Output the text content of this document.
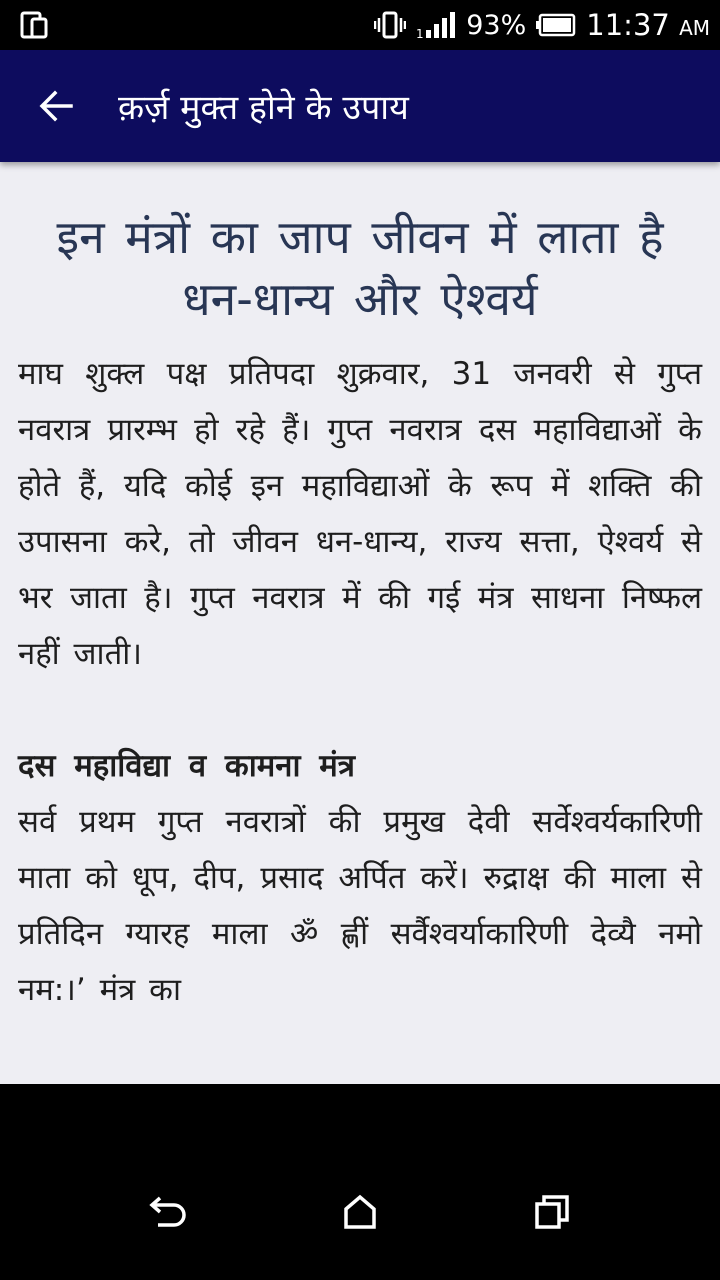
1 93% 11:37 AM
क़र्ज़ मुक्त होने के उपाय
इन मंत्रों का जाप जीवन में लाता है धन-धान्य और ऐश्वर्य
माघ शुक्ल पक्ष प्रतिपदा शुक्रवार, 31 जनवरी से गुप्त नवरात्र प्रारम्भ हो रहे हैं। गुप्त नवरात्र दस महाविद्याओं के होते हैं, यदि कोई इन महाविद्याओं के रूप में शक्ति की उपासना करे, तो जीवन धन-धान्य, राज्य सत्ता, ऐश्वर्य से भर जाता है। गुप्त नवरात्र में की गई मंत्र साधना निष्फल नहीं जाती।
दस महाविद्या व कामना मंत्र
सर्व प्रथम गुप्त नवरात्रों की प्रमुख देवी सर्वेश्वर्यकारिणी माता को धूप, दीप, प्रसाद अर्पित करें। रुद्राक्ष की माला से प्रतिदिन ग्यारह माला ॐ ह्णीं सर्वैश्वर्याकारिणी देव्यै नमो नम:।’ मंत्र का
